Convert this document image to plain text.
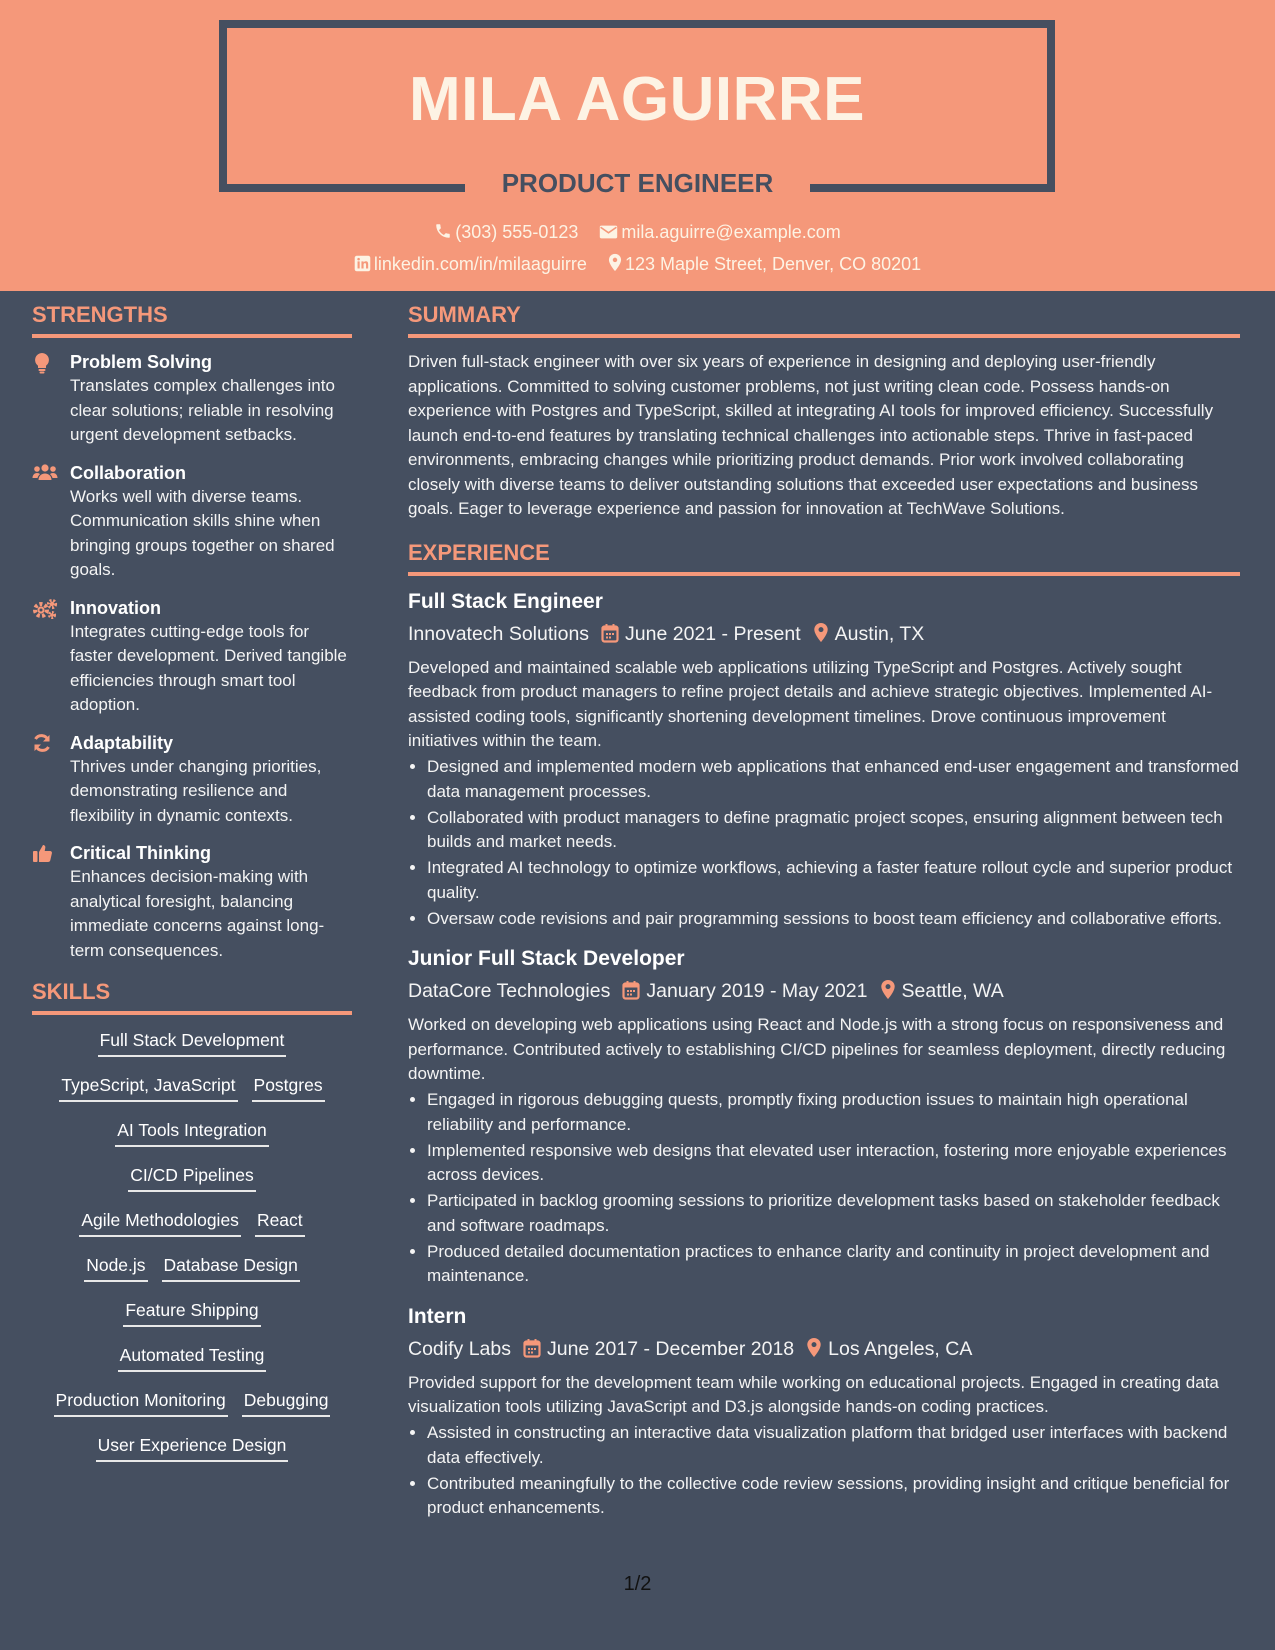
MILA AGUIRRE
PRODUCT ENGINEER
(303) 555-0123 mila.aguirre@example.com
linkedin.com/in/milaaguirre 123 Maple Street, Denver, CO 80201
STRENGTHS
Problem Solving
Translates complex challenges into clear solutions; reliable in resolving urgent development setbacks.
Collaboration
Works well with diverse teams. Communication skills shine when bringing groups together on shared goals.
Innovation
Integrates cutting-edge tools for faster development. Derived tangible efficiencies through smart tool adoption.
Adaptability
Thrives under changing priorities, demonstrating resilience and flexibility in dynamic contexts.
Critical Thinking
Enhances decision-making with analytical foresight, balancing immediate concerns against long-term consequences.
SKILLS
Full Stack Development
TypeScript, JavaScript Postgres
AI Tools Integration
CI/CD Pipelines
Agile Methodologies React
Node.js Database Design
Feature Shipping
Automated Testing
Production Monitoring Debugging
User Experience Design
SUMMARY
Driven full-stack engineer with over six years of experience in designing and deploying user-friendly applications. Committed to solving customer problems, not just writing clean code. Possess hands-on experience with Postgres and TypeScript, skilled at integrating AI tools for improved efficiency. Successfully launch end-to-end features by translating technical challenges into actionable steps. Thrive in fast-paced environments, embracing changes while prioritizing product demands. Prior work involved collaborating closely with diverse teams to deliver outstanding solutions that exceeded user expectations and business goals. Eager to leverage experience and passion for innovation at TechWave Solutions.
EXPERIENCE
Full Stack Engineer
Innovatech Solutions June 2021 - Present Austin, TX
Developed and maintained scalable web applications utilizing TypeScript and Postgres. Actively sought feedback from product managers to refine project details and achieve strategic objectives. Implemented AI-assisted coding tools, significantly shortening development timelines. Drove continuous improvement initiatives within the team.
• Designed and implemented modern web applications that enhanced end-user engagement and transformed data management processes.
• Collaborated with product managers to define pragmatic project scopes, ensuring alignment between tech builds and market needs.
• Integrated AI technology to optimize workflows, achieving a faster feature rollout cycle and superior product quality.
• Oversaw code revisions and pair programming sessions to boost team efficiency and collaborative efforts.
Junior Full Stack Developer
DataCore Technologies January 2019 - May 2021 Seattle, WA
Worked on developing web applications using React and Node.js with a strong focus on responsiveness and performance. Contributed actively to establishing CI/CD pipelines for seamless deployment, directly reducing downtime.
• Engaged in rigorous debugging quests, promptly fixing production issues to maintain high operational reliability and performance.
• Implemented responsive web designs that elevated user interaction, fostering more enjoyable experiences across devices.
• Participated in backlog grooming sessions to prioritize development tasks based on stakeholder feedback and software roadmaps.
• Produced detailed documentation practices to enhance clarity and continuity in project development and maintenance.
Intern
Codify Labs June 2017 - December 2018 Los Angeles, CA
Provided support for the development team while working on educational projects. Engaged in creating data visualization tools utilizing JavaScript and D3.js alongside hands-on coding practices.
• Assisted in constructing an interactive data visualization platform that bridged user interfaces with backend data effectively.
• Contributed meaningfully to the collective code review sessions, providing insight and critique beneficial for product enhancements.
1/2
